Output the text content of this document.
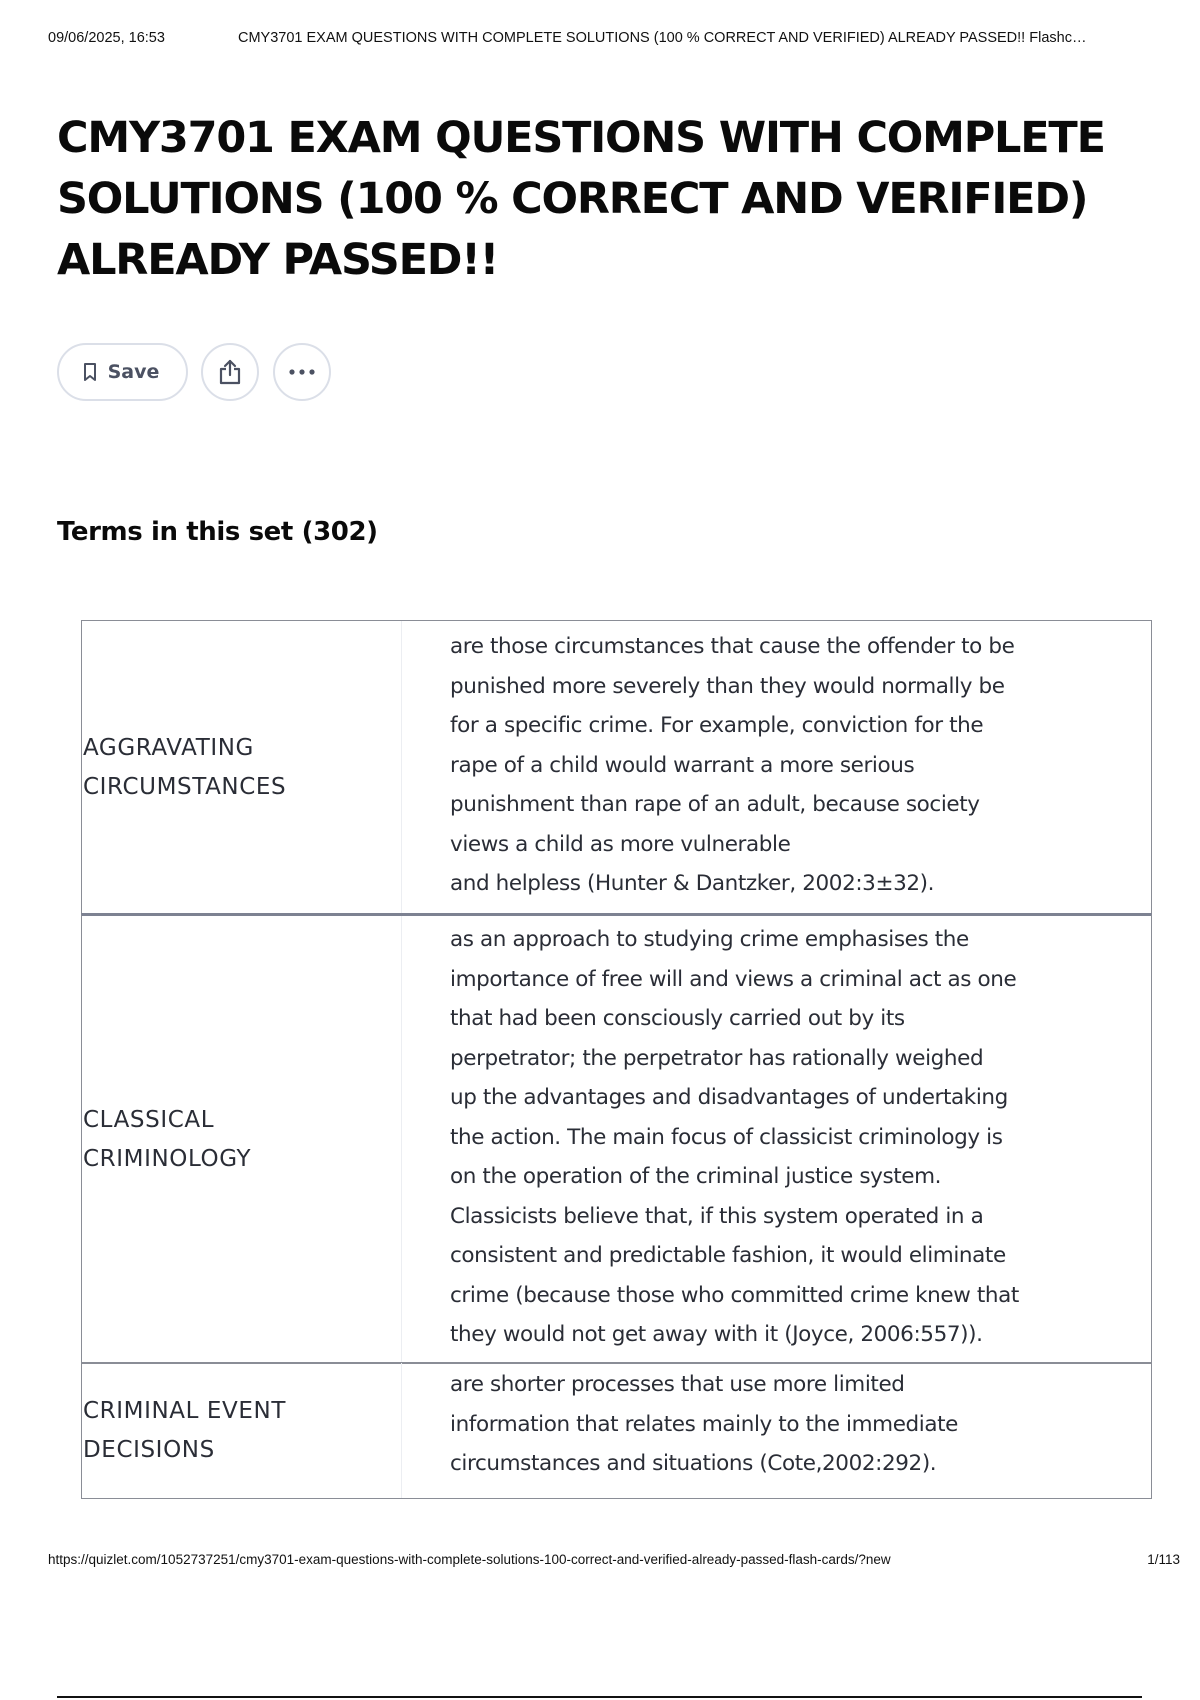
09/06/2025, 16:53	CMY3701 EXAM QUESTIONS WITH COMPLETE SOLUTIONS (100 % CORRECT AND VERIFIED) ALREADY PASSED!! Flashc…
CMY3701 EXAM QUESTIONS WITH COMPLETE SOLUTIONS (100 % CORRECT AND VERIFIED) ALREADY PASSED!!
Save
Terms in this set (302)
AGGRAVATING
CIRCUMSTANCES
are those circumstances that cause the offender to be
punished more severely than they would normally be
for a specific crime. For example, conviction for the
rape of a child would warrant a more serious
punishment than rape of an adult, because society
views a child as more vulnerable
and helpless (Hunter & Dantzker, 2002:3±32).
CLASSICAL
CRIMINOLOGY
as an approach to studying crime emphasises the
importance of free will and views a criminal act as one
that had been consciously carried out by its
perpetrator; the perpetrator has rationally weighed
up the advantages and disadvantages of undertaking
the action. The main focus of classicist criminology is
on the operation of the criminal justice system.
Classicists believe that, if this system operated in a
consistent and predictable fashion, it would eliminate
crime (because those who committed crime knew that
they would not get away with it (Joyce, 2006:557)).
CRIMINAL EVENT
DECISIONS
are shorter processes that use more limited
information that relates mainly to the immediate
circumstances and situations (Cote,2002:292).
https://quizlet.com/1052737251/cmy3701-exam-questions-with-complete-solutions-100-correct-and-verified-already-passed-flash-cards/?new	1/113
